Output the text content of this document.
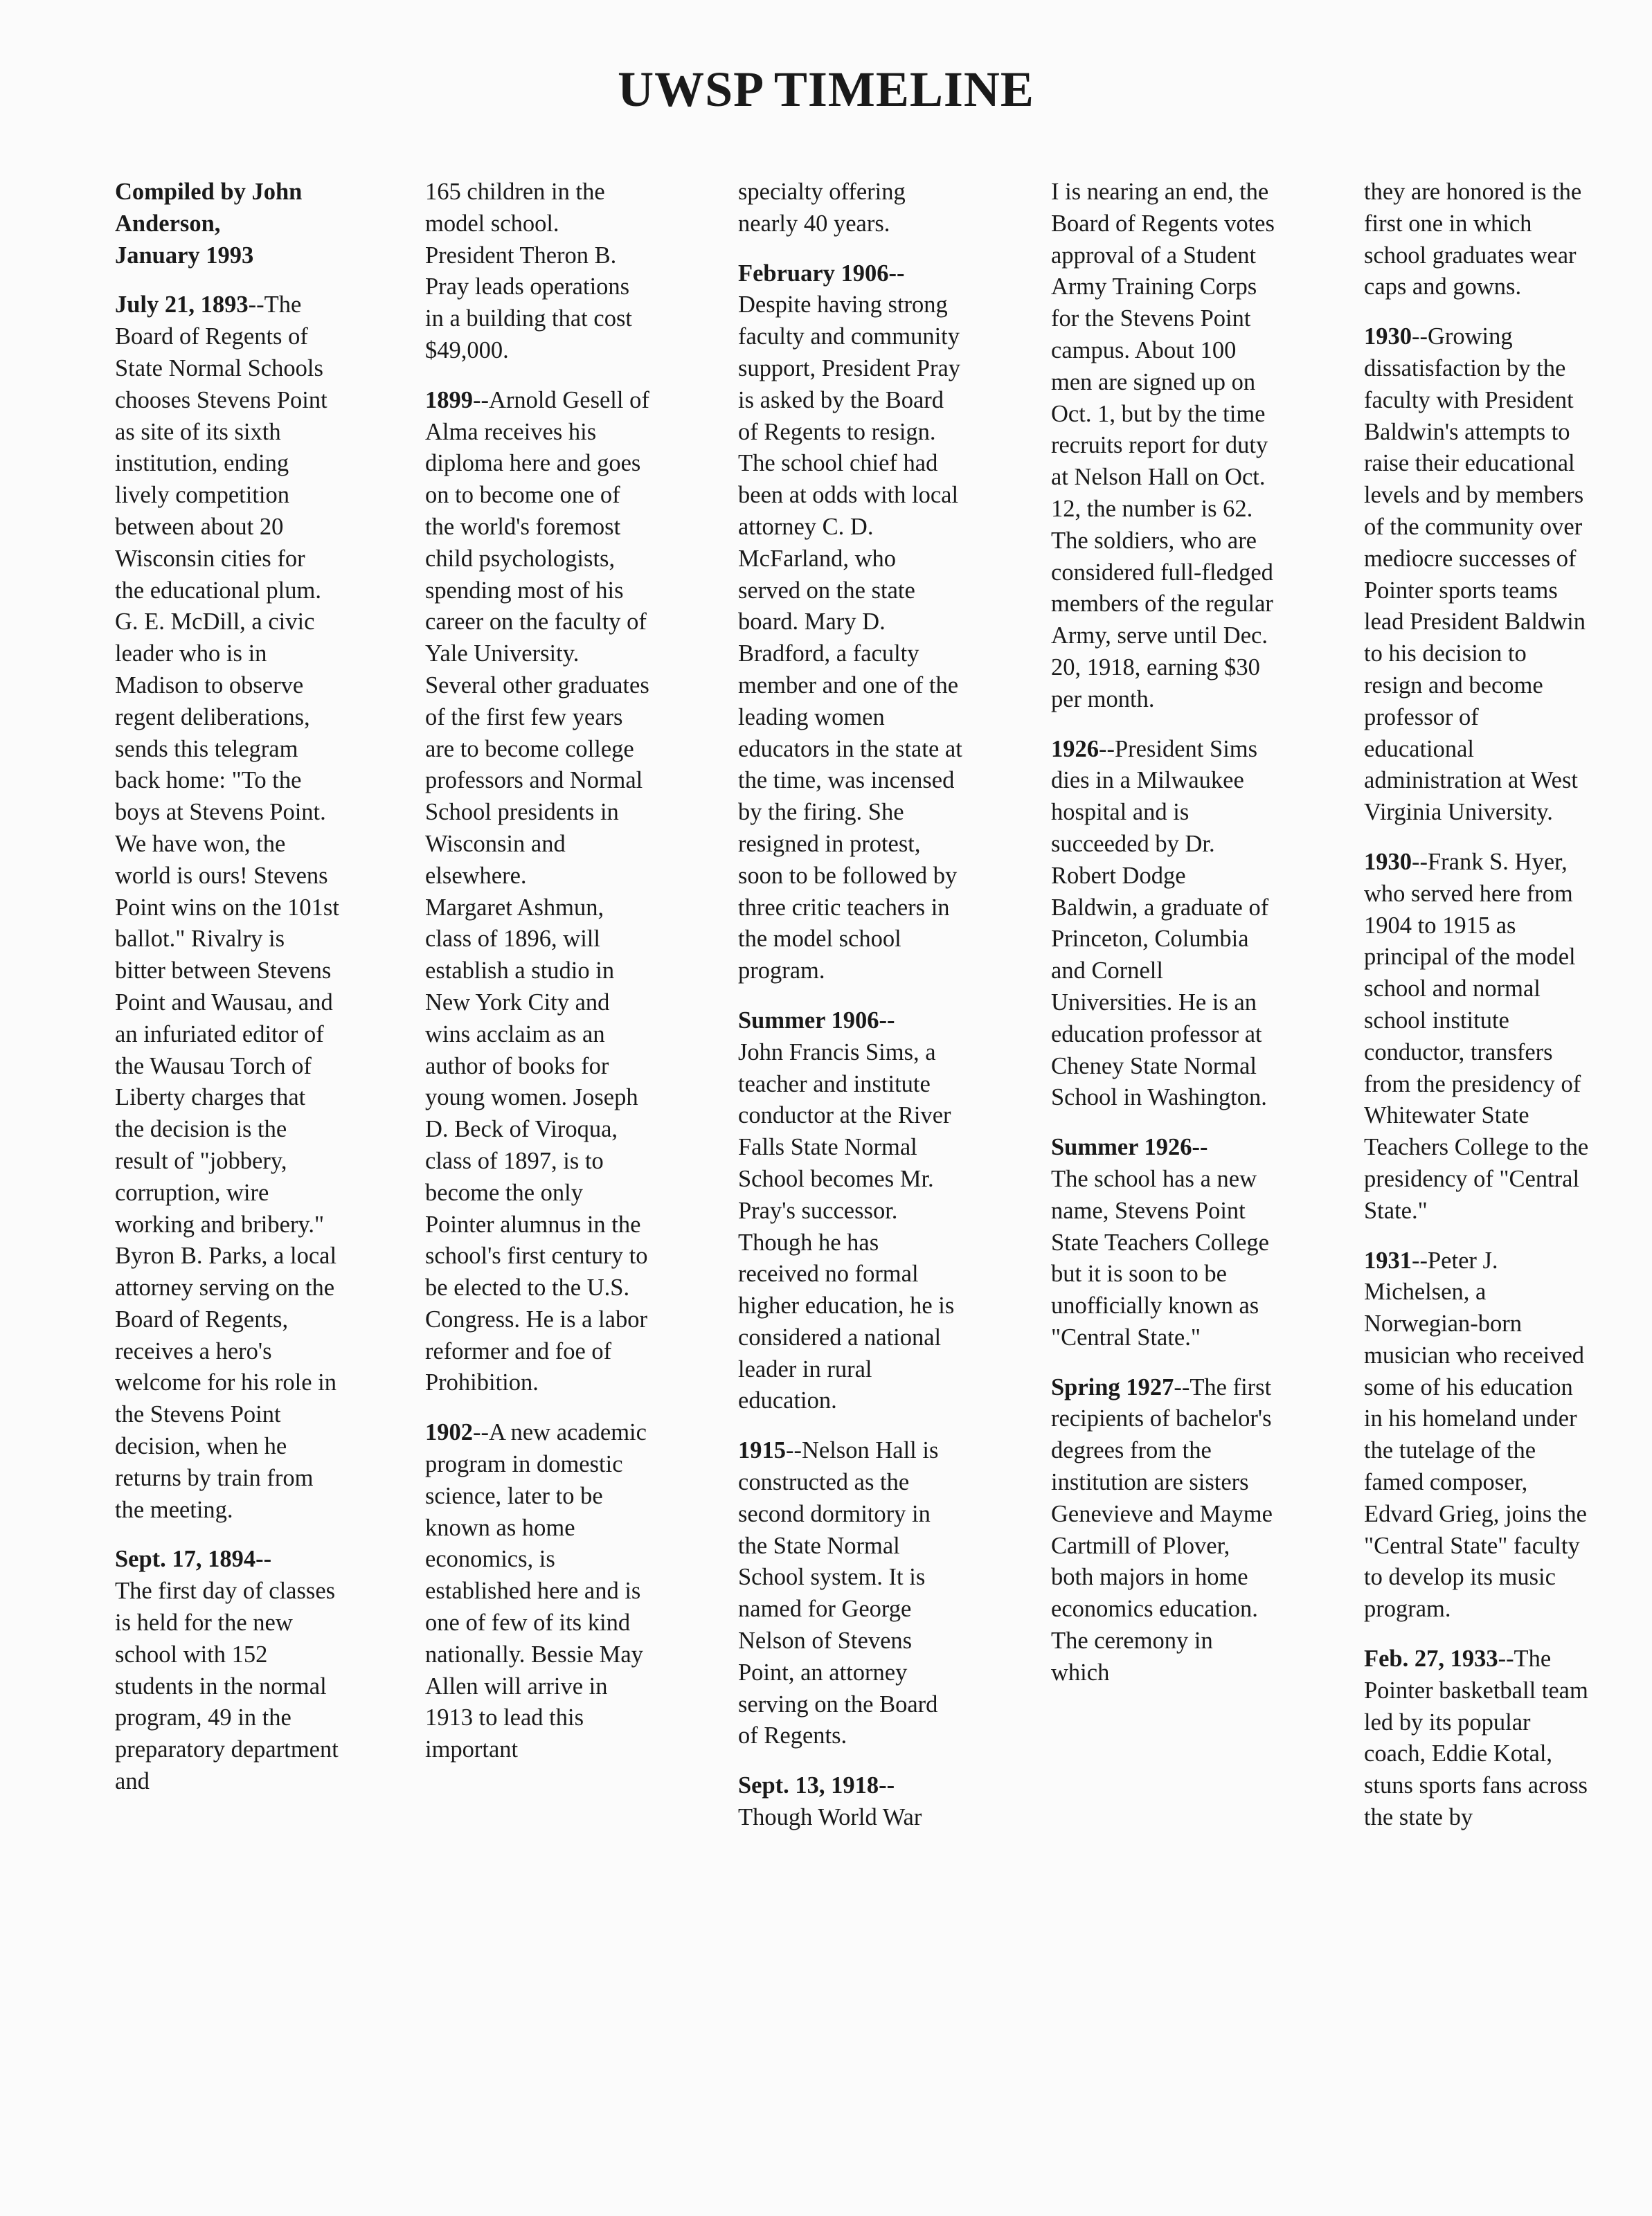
UWSP TIMELINE

Compiled by John
Anderson,
January 1993

July 21, 1893--The Board of Regents of State Normal Schools chooses Stevens Point as site of its sixth institution, ending lively competition between about 20 Wisconsin cities for the educational plum. G. E. McDill, a civic leader who is in Madison to observe regent deliberations, sends this telegram back home: "To the boys at Stevens Point. We have won, the world is ours! Stevens Point wins on the 101st ballot." Rivalry is bitter between Stevens Point and Wausau, and an infuriated editor of the Wausau Torch of Liberty charges that the decision is the result of "jobbery, corruption, wire working and bribery." Byron B. Parks, a local attorney serving on the Board of Regents, receives a hero's welcome for his role in the Stevens Point decision, when he returns by train from the meeting.

Sept. 17, 1894--
The first day of classes is held for the new school with 152 students in the normal program, 49 in the preparatory department and

165 children in the model school. President Theron B. Pray leads operations in a building that cost $49,000.

1899--Arnold Gesell of Alma receives his diploma here and goes on to become one of the world's foremost child psychologists, spending most of his career on the faculty of Yale University.
Several other graduates of the first few years are to become college professors and Normal School presidents in Wisconsin and elsewhere.
Margaret Ashmun, class of 1896, will establish a studio in New York City and wins acclaim as an author of books for young women. Joseph D. Beck of Viroqua, class of 1897, is to become the only Pointer alumnus in the school's first century to be elected to the U.S. Congress. He is a labor reformer and foe of Prohibition.

1902--A new academic program in domestic science, later to be known as home economics, is established here and is one of few of its kind nationally. Bessie May Allen will arrive in 1913 to lead this important

specialty offering nearly 40 years.

February 1906--
Despite having strong faculty and community support, President Pray is asked by the Board of Regents to resign. The school chief had been at odds with local attorney C. D. McFarland, who served on the state board. Mary D. Bradford, a faculty member and one of the leading women educators in the state at the time, was incensed by the firing. She resigned in protest, soon to be followed by three critic teachers in the model school program.

Summer 1906--
John Francis Sims, a teacher and institute conductor at the River Falls State Normal School becomes Mr. Pray's successor. Though he has received no formal higher education, he is considered a national leader in rural education.

1915--Nelson Hall is constructed as the second dormitory in the State Normal School system. It is named for George Nelson of Stevens Point, an attorney serving on the Board of Regents.

Sept. 13, 1918--
Though World War

I is nearing an end, the Board of Regents votes approval of a Student Army Training Corps for the Stevens Point campus. About 100 men are signed up on Oct. 1, but by the time recruits report for duty at Nelson Hall on Oct. 12, the number is 62. The soldiers, who are considered full-fledged members of the regular Army, serve until Dec. 20, 1918, earning $30 per month.

1926--President Sims dies in a Milwaukee hospital and is succeeded by Dr. Robert Dodge Baldwin, a graduate of Princeton, Columbia and Cornell Universities. He is an education professor at Cheney State Normal School in Washington.

Summer 1926--
The school has a new name, Stevens Point State Teachers College but it is soon to be unofficially known as "Central State."

Spring 1927--The first recipients of bachelor's degrees from the institution are sisters Genevieve and Mayme Cartmill of Plover, both majors in home economics education. The ceremony in which

they are honored is the first one in which school graduates wear caps and gowns.

1930--Growing dissatisfaction by the faculty with President Baldwin's attempts to raise their educational levels and by members of the community over mediocre successes of Pointer sports teams lead President Baldwin to his decision to resign and become professor of educational administration at West Virginia University.

1930--Frank S. Hyer, who served here from 1904 to 1915 as principal of the model school and normal school institute conductor, transfers from the presidency of Whitewater State Teachers College to the presidency of "Central State."

1931--Peter J. Michelsen, a Norwegian-born musician who received some of his education in his homeland under the tutelage of the famed composer, Edvard Grieg, joins the "Central State" faculty to develop its music program.

Feb. 27, 1933--The Pointer basketball team led by its popular coach, Eddie Kotal, stuns sports fans across the state by
